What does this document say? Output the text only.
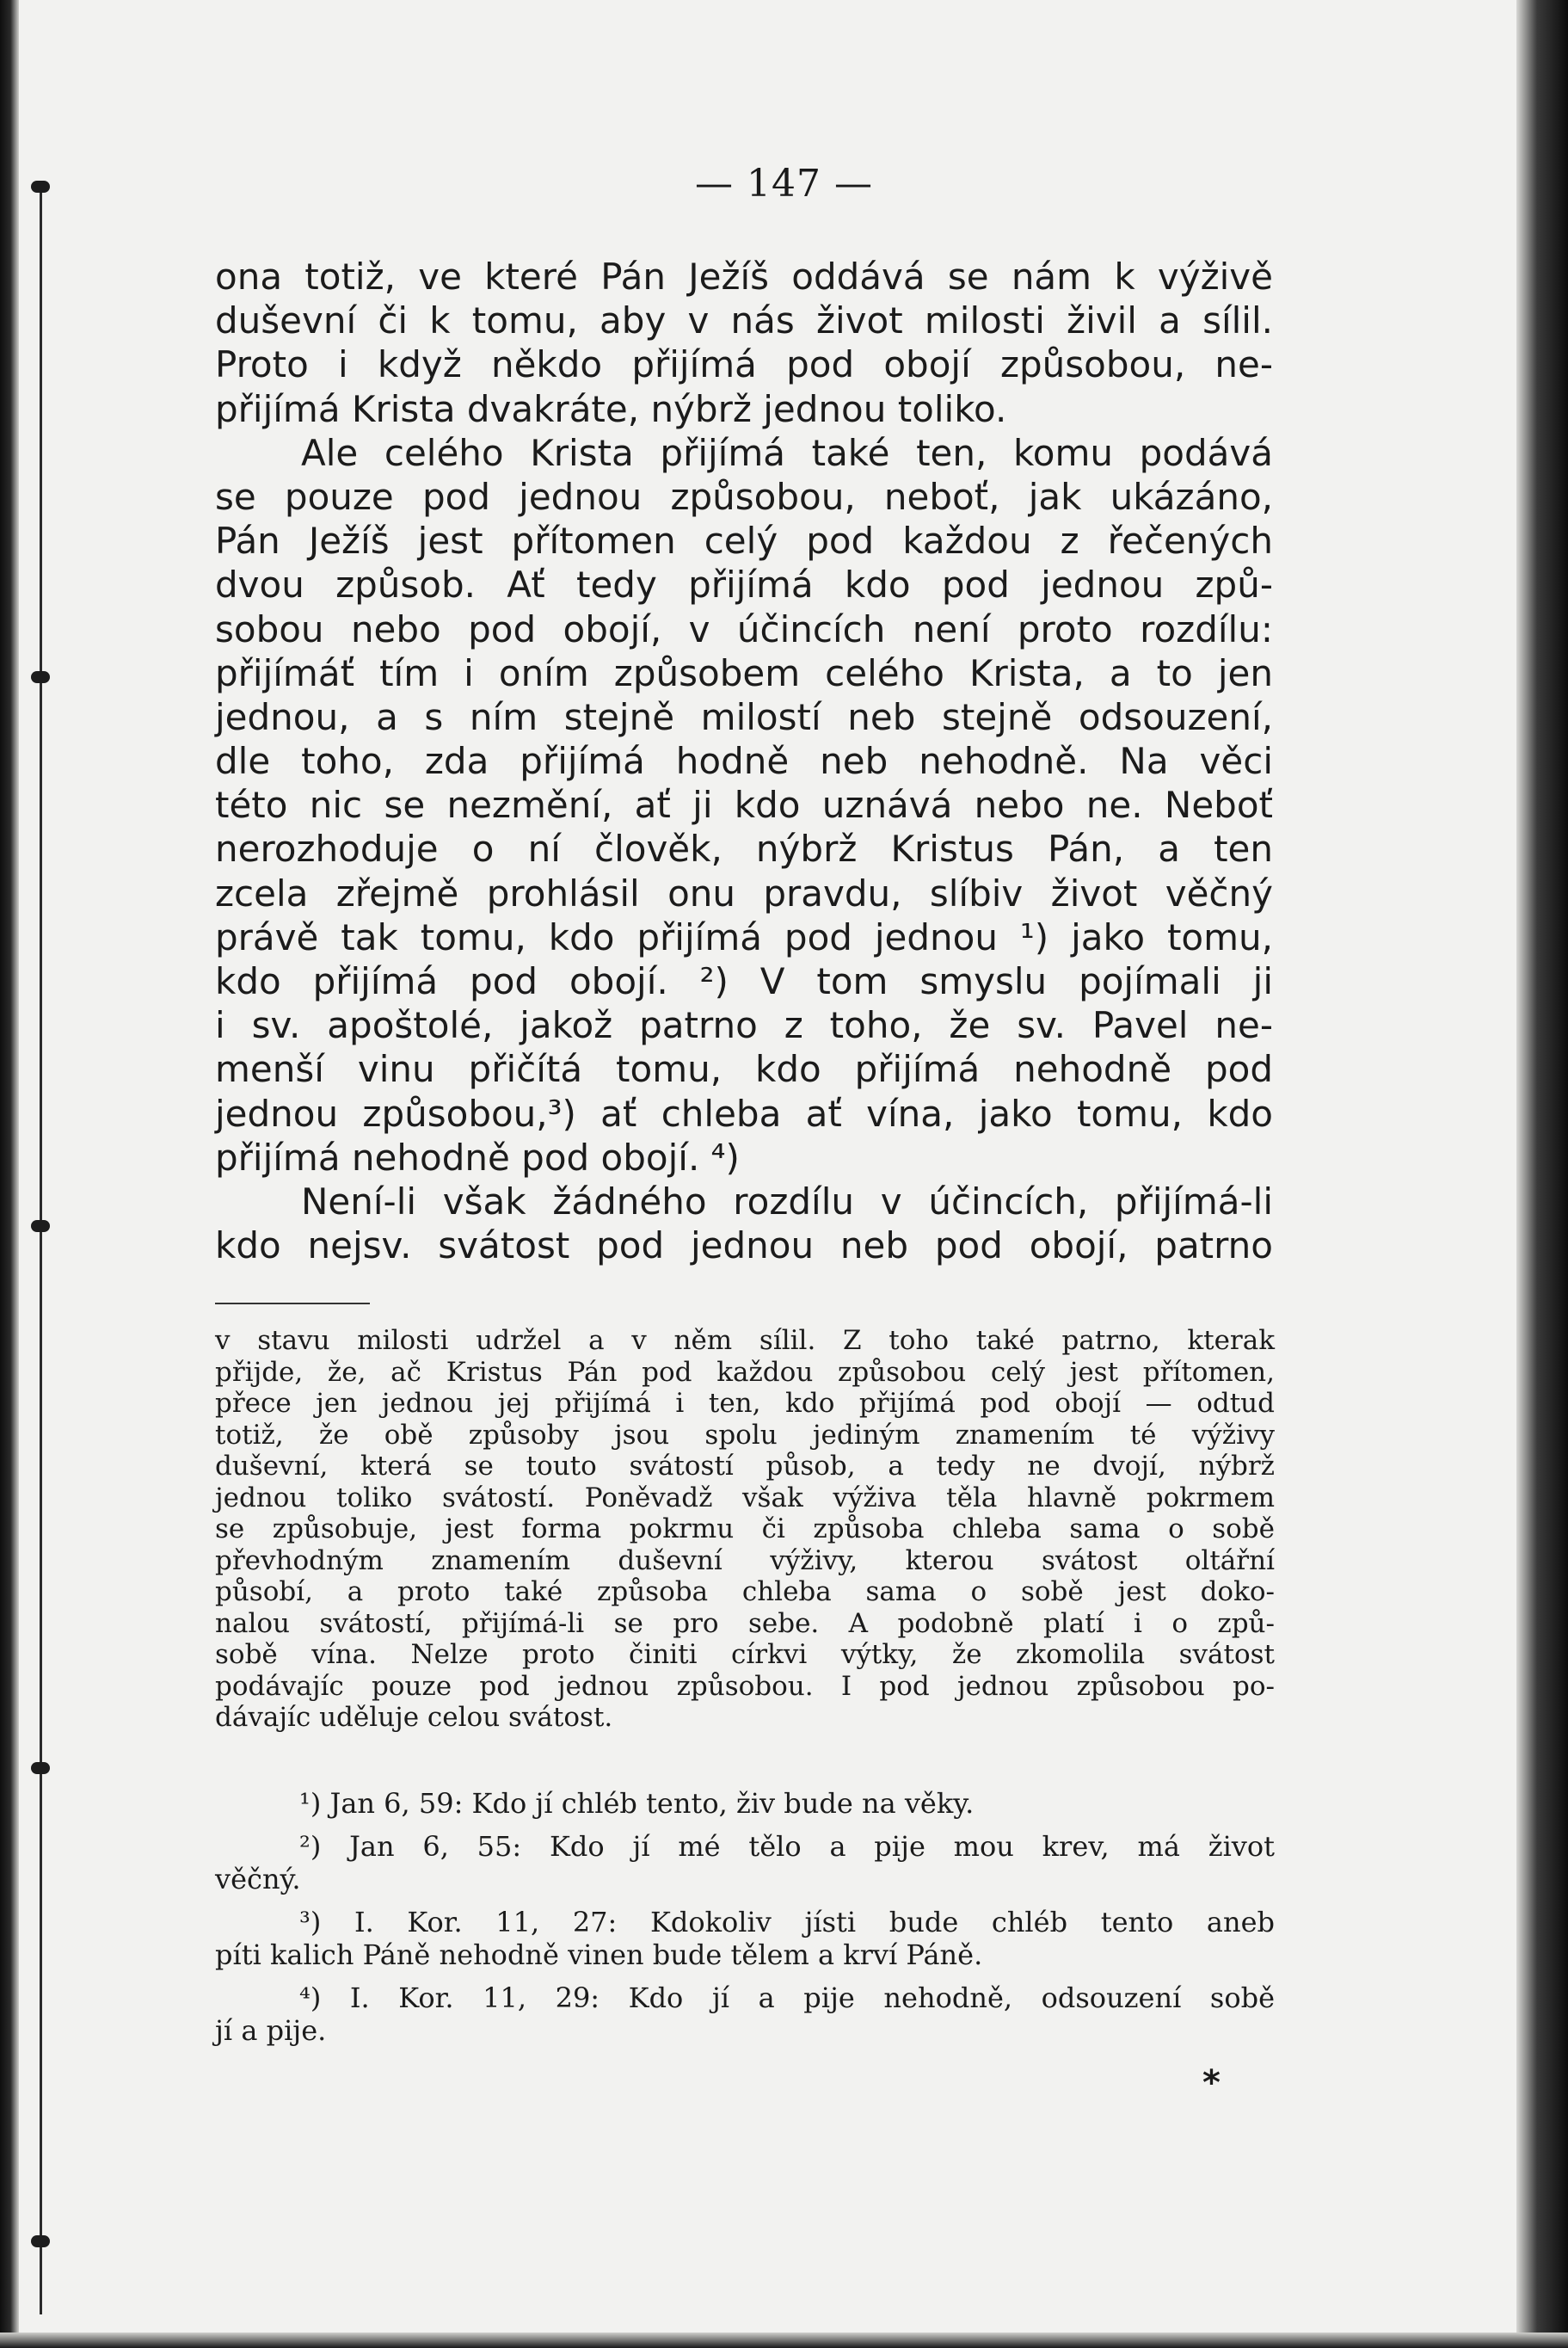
— 147 —
ona totiž, ve které Pán Ježíš oddává se nám k výživě
duševní či k tomu, aby v nás život milosti živil a sílil.
Proto i když někdo přijímá pod obojí způsobou, ne-
přijímá Krista dvakráte, nýbrž jednou toliko.
Ale celého Krista přijímá také ten, komu podává
se pouze pod jednou způsobou, neboť, jak ukázáno,
Pán Ježíš jest přítomen celý pod každou z řečených
dvou způsob. Ať tedy přijímá kdo pod jednou způ-
sobou nebo pod obojí, v účincích není proto rozdílu:
přijímáť tím i oním způsobem celého Krista, a to jen
jednou, a s ním stejně milostí neb stejně odsouzení,
dle toho, zda přijímá hodně neb nehodně. Na věci
této nic se nezmění, ať ji kdo uznává nebo ne. Neboť
nerozhoduje o ní člověk, nýbrž Kristus Pán, a ten
zcela zřejmě prohlásil onu pravdu, slíbiv život věčný
právě tak tomu, kdo přijímá pod jednou ¹) jako tomu,
kdo přijímá pod obojí. ²) V tom smyslu pojímali ji
i sv. apoštolé, jakož patrno z toho, že sv. Pavel ne-
menší vinu přičítá tomu, kdo přijímá nehodně pod
jednou způsobou,³) ať chleba ať vína, jako tomu, kdo
přijímá nehodně pod obojí. ⁴)
Není-li však žádného rozdílu v účincích, přijímá-li
kdo nejsv. svátost pod jednou neb pod obojí, patrno
v stavu milosti udržel a v něm sílil. Z toho také patrno, kterak
přijde, že, ač Kristus Pán pod každou způsobou celý jest přítomen,
přece jen jednou jej přijímá i ten, kdo přijímá pod obojí — odtud
totiž, že obě způsoby jsou spolu jediným znamením té výživy
duševní, která se touto svátostí působ, a tedy ne dvojí, nýbrž
jednou toliko svátostí. Poněvadž však výživa těla hlavně pokrmem
se způsobuje, jest forma pokrmu či způsoba chleba sama o sobě
převhodným znamením duševní výživy, kterou svátost oltářní
působí, a proto také způsoba chleba sama o sobě jest doko-
nalou svátostí, přijímá-li se pro sebe. A podobně platí i o způ-
sobě vína. Nelze proto činiti církvi výtky, že zkomolila svátost
podávajíc pouze pod jednou způsobou. I pod jednou způsobou po-
dávajíc uděluje celou svátost.
¹) Jan 6, 59: Kdo jí chléb tento, živ bude na věky.
²) Jan 6, 55: Kdo jí mé tělo a pije mou krev, má život
věčný.
³) I. Kor. 11, 27: Kdokoliv jísti bude chléb tento aneb
píti kalich Páně nehodně vinen bude tělem a krví Páně.
⁴) I. Kor. 11, 29: Kdo jí a pije nehodně, odsouzení sobě
jí a pije.
*
